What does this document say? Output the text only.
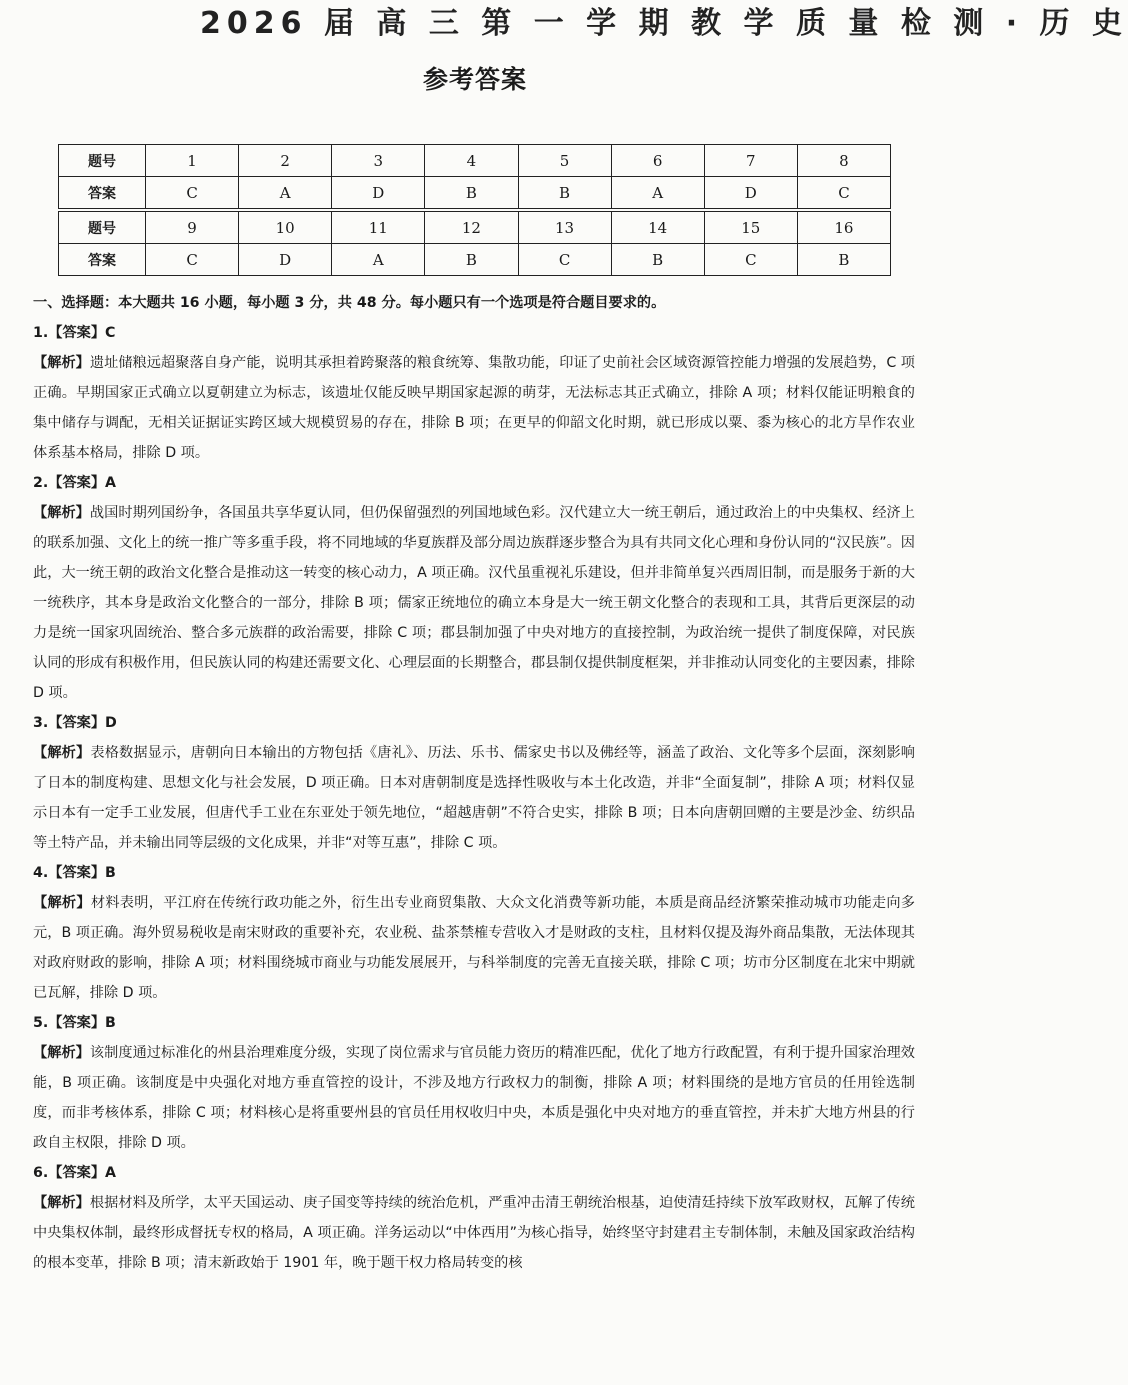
2026 届 高 三 第 一 学 期 教 学 质 量 检 测 · 历 史
参考答案
题号	1	2	3	4	5	6	7	8
答案	C	A	D	B	B	A	D	C
题号	9	10	11	12	13	14	15	16
答案	C	D	A	B	C	B	C	B
一、选择题：本大题共 16 小题，每小题 3 分，共 48 分。每小题只有一个选项是符合题目要求的。
1.【答案】C
【解析】遗址储粮远超聚落自身产能，说明其承担着跨聚落的粮食统筹、集散功能，印证了史前社会区域资源管控能力增强的发展趋势，C 项正确。早期国家正式确立以夏朝建立为标志，该遗址仅能反映早期国家起源的萌芽，无法标志其正式确立，排除 A 项；材料仅能证明粮食的集中储存与调配，无相关证据证实跨区域大规模贸易的存在，排除 B 项；在更早的仰韶文化时期，就已形成以粟、黍为核心的北方旱作农业体系基本格局，排除 D 项。
2.【答案】A
【解析】战国时期列国纷争，各国虽共享华夏认同，但仍保留强烈的列国地域色彩。汉代建立大一统王朝后，通过政治上的中央集权、经济上的联系加强、文化上的统一推广等多重手段，将不同地域的华夏族群及部分周边族群逐步整合为具有共同文化心理和身份认同的“汉民族”。因此，大一统王朝的政治文化整合是推动这一转变的核心动力，A 项正确。汉代虽重视礼乐建设，但并非简单复兴西周旧制，而是服务于新的大一统秩序，其本身是政治文化整合的一部分，排除 B 项；儒家正统地位的确立本身是大一统王朝文化整合的表现和工具，其背后更深层的动力是统一国家巩固统治、整合多元族群的政治需要，排除 C 项；郡县制加强了中央对地方的直接控制，为政治统一提供了制度保障，对民族认同的形成有积极作用，但民族认同的构建还需要文化、心理层面的长期整合，郡县制仅提供制度框架，并非推动认同变化的主要因素，排除 D 项。
3.【答案】D
【解析】表格数据显示，唐朝向日本输出的方物包括《唐礼》、历法、乐书、儒家史书以及佛经等，涵盖了政治、文化等多个层面，深刻影响了日本的制度构建、思想文化与社会发展，D 项正确。日本对唐朝制度是选择性吸收与本土化改造，并非“全面复制”，排除 A 项；材料仅显示日本有一定手工业发展，但唐代手工业在东亚处于领先地位，“超越唐朝”不符合史实，排除 B 项；日本向唐朝回赠的主要是沙金、纺织品等土特产品，并未输出同等层级的文化成果，并非“对等互惠”，排除 C 项。
4.【答案】B
【解析】材料表明，平江府在传统行政功能之外，衍生出专业商贸集散、大众文化消费等新功能，本质是商品经济繁荣推动城市功能走向多元，B 项正确。海外贸易税收是南宋财政的重要补充，农业税、盐茶禁榷专营收入才是财政的支柱，且材料仅提及海外商品集散，无法体现其对政府财政的影响，排除 A 项；材料围绕城市商业与功能发展展开，与科举制度的完善无直接关联，排除 C 项；坊市分区制度在北宋中期就已瓦解，排除 D 项。
5.【答案】B
【解析】该制度通过标准化的州县治理难度分级，实现了岗位需求与官员能力资历的精准匹配，优化了地方行政配置，有利于提升国家治理效能，B 项正确。该制度是中央强化对地方垂直管控的设计，不涉及地方行政权力的制衡，排除 A 项；材料围绕的是地方官员的任用铨选制度，而非考核体系，排除 C 项；材料核心是将重要州县的官员任用权收归中央，本质是强化中央对地方的垂直管控，并未扩大地方州县的行政自主权限，排除 D 项。
6.【答案】A
【解析】根据材料及所学，太平天国运动、庚子国变等持续的统治危机，严重冲击清王朝统治根基，迫使清廷持续下放军政财权，瓦解了传统中央集权体制，最终形成督抚专权的格局，A 项正确。洋务运动以“中体西用”为核心指导，始终坚守封建君主专制体制，未触及国家政治结构的根本变革，排除 B 项；清末新政始于 1901 年，晚于题干权力格局转变的核
